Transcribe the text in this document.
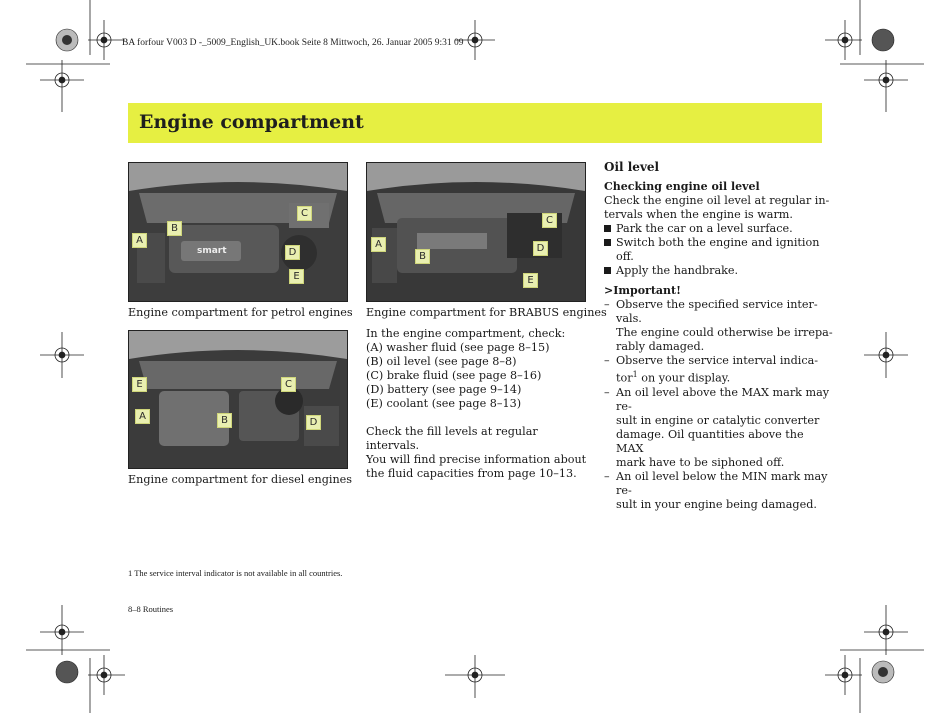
BA forfour V003 D -_5009_English_UK.book Seite 8 Mittwoch, 26. Januar 2005 9:31 09
Engine compartment
smart
A
B
C
D
E
Engine compartment for petrol engines
A
B
C
D
E
Engine compartment for BRABUS engines
A	B
C
D
E
Engine compartment for diesel engines

In the engine compartment, check:

(A) washer fluid (see page 8–15)

(B) oil level (see page 8–8)

(C) brake fluid (see page 8–16)

(D) battery (see page 9–14)

(E) coolant (see page 8–13)

Check the fill levels at regular intervals.

You will find precise information about

the fluid capacities from page 10–13.

Oil level

Checking engine oil level

Check the engine oil level at regular in-

tervals when the engine is warm.

Park the car on a level surface.
Switch both the engine and ignition
off.
Apply the handbrake.

>Important!

– Observe the specified service inter-
vals.
The engine could otherwise be irrepa-
rably damaged.
– Observe the service interval indica-
tor$^1$ on your display.
– An oil level above the MAX mark may re-
sult in engine or catalytic converter
damage. Oil quantities above the MAX
mark have to be siphoned off.
– An oil level below the MIN mark may re-
sult in your engine being damaged.
1 The service interval indicator is not available in all countries.
8–8 Routines
